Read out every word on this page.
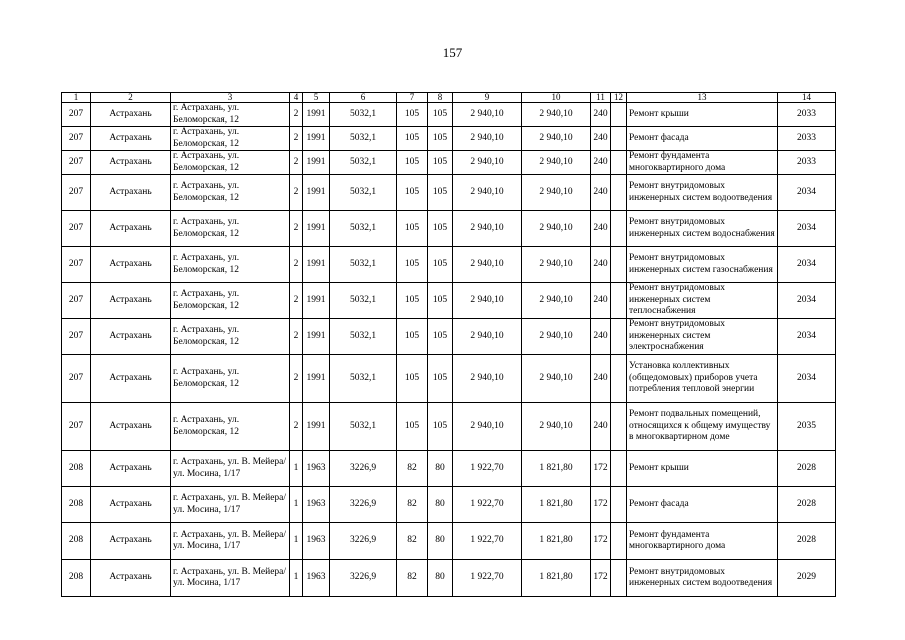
157
1	2	3	4	5	6	7	8	9	10	11	12	13	14
207	Астрахань	г. Астрахань, ул. Беломорская, 12	2	1991	5032,1	105	105	2 940,10	2 940,10	240		Ремонт крыши	2033
207	Астрахань	г. Астрахань, ул. Беломорская, 12	2	1991	5032,1	105	105	2 940,10	2 940,10	240		Ремонт фасада	2033
207	Астрахань	г. Астрахань, ул. Беломорская, 12	2	1991	5032,1	105	105	2 940,10	2 940,10	240		Ремонт фундамента многоквартирного дома	2033
207	Астрахань	г. Астрахань, ул. Беломорская, 12	2	1991	5032,1	105	105	2 940,10	2 940,10	240		Ремонт внутридомовых инженерных систем водоотведения	2034
207	Астрахань	г. Астрахань, ул. Беломорская, 12	2	1991	5032,1	105	105	2 940,10	2 940,10	240		Ремонт внутридомовых инженерных систем водоснабжения	2034
207	Астрахань	г. Астрахань, ул. Беломорская, 12	2	1991	5032,1	105	105	2 940,10	2 940,10	240		Ремонт внутридомовых инженерных систем газоснабжения	2034
207	Астрахань	г. Астрахань, ул. Беломорская, 12	2	1991	5032,1	105	105	2 940,10	2 940,10	240		Ремонт внутридомовых инженерных систем теплоснабжения	2034
207	Астрахань	г. Астрахань, ул. Беломорская, 12	2	1991	5032,1	105	105	2 940,10	2 940,10	240		Ремонт внутридомовых инженерных систем электроснабжения	2034
207	Астрахань	г. Астрахань, ул. Беломорская, 12	2	1991	5032,1	105	105	2 940,10	2 940,10	240		Установка коллективных (общедомовых) приборов учета потребления тепловой энергии	2034
207	Астрахань	г. Астрахань, ул. Беломорская, 12	2	1991	5032,1	105	105	2 940,10	2 940,10	240		Ремонт подвальных помещений, относящихся к общему имуществу в многоквартирном доме	2035
208	Астрахань	г. Астрахань, ул. В. Мейера/ ул. Мосина, 1/17	1	1963	3226,9	82	80	1 922,70	1 821,80	172		Ремонт крыши	2028
208	Астрахань	г. Астрахань, ул. В. Мейера/ ул. Мосина, 1/17	1	1963	3226,9	82	80	1 922,70	1 821,80	172		Ремонт фасада	2028
208	Астрахань	г. Астрахань, ул. В. Мейера/ ул. Мосина, 1/17	1	1963	3226,9	82	80	1 922,70	1 821,80	172		Ремонт фундамента многоквартирного дома	2028
208	Астрахань	г. Астрахань, ул. В. Мейера/ ул. Мосина, 1/17	1	1963	3226,9	82	80	1 922,70	1 821,80	172		Ремонт внутридомовых инженерных систем водоотведения	2029
